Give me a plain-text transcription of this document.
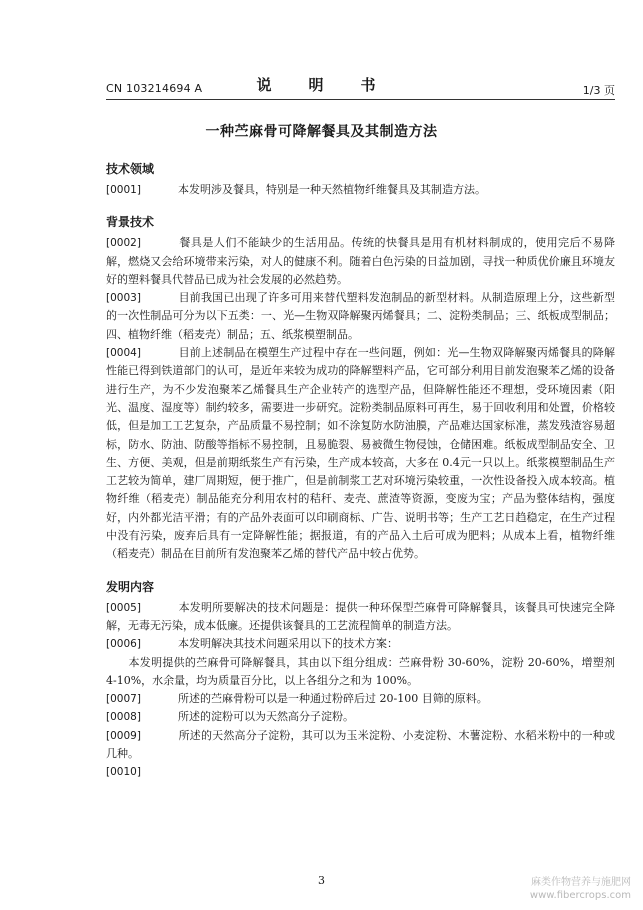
CN 103214694 A	说　明　书	1/3 页
一种苎麻骨可降解餐具及其制造方法
技术领域

[0001]　　本发明涉及餐具，特别是一种天然植物纤维餐具及其制造方法。

背景技术

[0002]　　餐具是人们不能缺少的生活用品。传统的快餐具是用有机材料制成的，使用完后不易降解，燃烧又会给环境带来污染，对人的健康不利。随着白色污染的日益加剧，寻找一种质优价廉且环境友好的塑料餐具代替品已成为社会发展的必然趋势。

[0003]　　目前我国已出现了许多可用来替代塑料发泡制品的新型材料。从制造原理上分，这些新型的一次性制品可分为以下五类：一、光—生物双降解聚丙烯餐具；二、淀粉类制品；三、纸板成型制品；四、植物纤维（稻麦壳）制品；五、纸浆模塑制品。

[0004]　　目前上述制品在模塑生产过程中存在一些问题，例如：光—生物双降解聚丙烯餐具的降解性能已得到铁道部门的认可，是近年来较为成功的降解塑料产品，它可部分利用目前发泡聚苯乙烯的设备进行生产，为不少发泡聚苯乙烯餐具生产企业转产的选型产品，但降解性能还不理想，受环境因素（阳光、温度、湿度等）制约较多，需要进一步研究。淀粉类制品原料可再生，易于回收利用和处置，价格较低，但是加工工艺复杂，产品质量不易控制；如不涂复防水防油膜，产品难达国家标准，蒸发残渣容易超标，防水、防油、防酸等指标不易控制，且易脆裂、易被微生物侵蚀，仓储困难。纸板成型制品安全、卫生、方便、美观，但是前期纸浆生产有污染，生产成本较高，大多在 0.4元一只以上。纸浆模塑制品生产工艺较为简单，建厂周期短，便于推广，但是前制浆工艺对环境污染较重，一次性设备投入成本较高。植物纤维（稻麦壳）制品能充分利用农村的秸秆、麦壳、蔗渣等资源，变废为宝；产品为整体结构，强度好，内外都光洁平滑；有的产品外表面可以印刷商标、广告、说明书等；生产工艺日趋稳定，在生产过程中没有污染，废弃后具有一定降解性能；据报道，有的产品入土后可成为肥料；从成本上看，植物纤维（稻麦壳）制品在目前所有发泡聚苯乙烯的替代产品中较占优势。

发明内容

[0005]　　本发明所要解决的技术问题是：提供一种环保型苎麻骨可降解餐具，该餐具可快速完全降解，无毒无污染，成本低廉。还提供该餐具的工艺流程简单的制造方法。

[0006]　　本发明解决其技术问题采用以下的技术方案：

　　本发明提供的苎麻骨可降解餐具，其由以下组分组成：苎麻骨粉 30-60%，淀粉 20-60%，增塑剂 4-10%，水余量，均为质量百分比，以上各组分之和为 100%。

[0007]　　所述的苎麻骨粉可以是一种通过粉碎后过 20-100 目筛的原料。

[0008]　　所述的淀粉可以为天然高分子淀粉。

[0009]　　所述的天然高分子淀粉，其可以为玉米淀粉、小麦淀粉、木薯淀粉、水稻米粉中的一种或几种。

[0010]

3	麻类作物营养与施肥网
www.fibercrops.com
